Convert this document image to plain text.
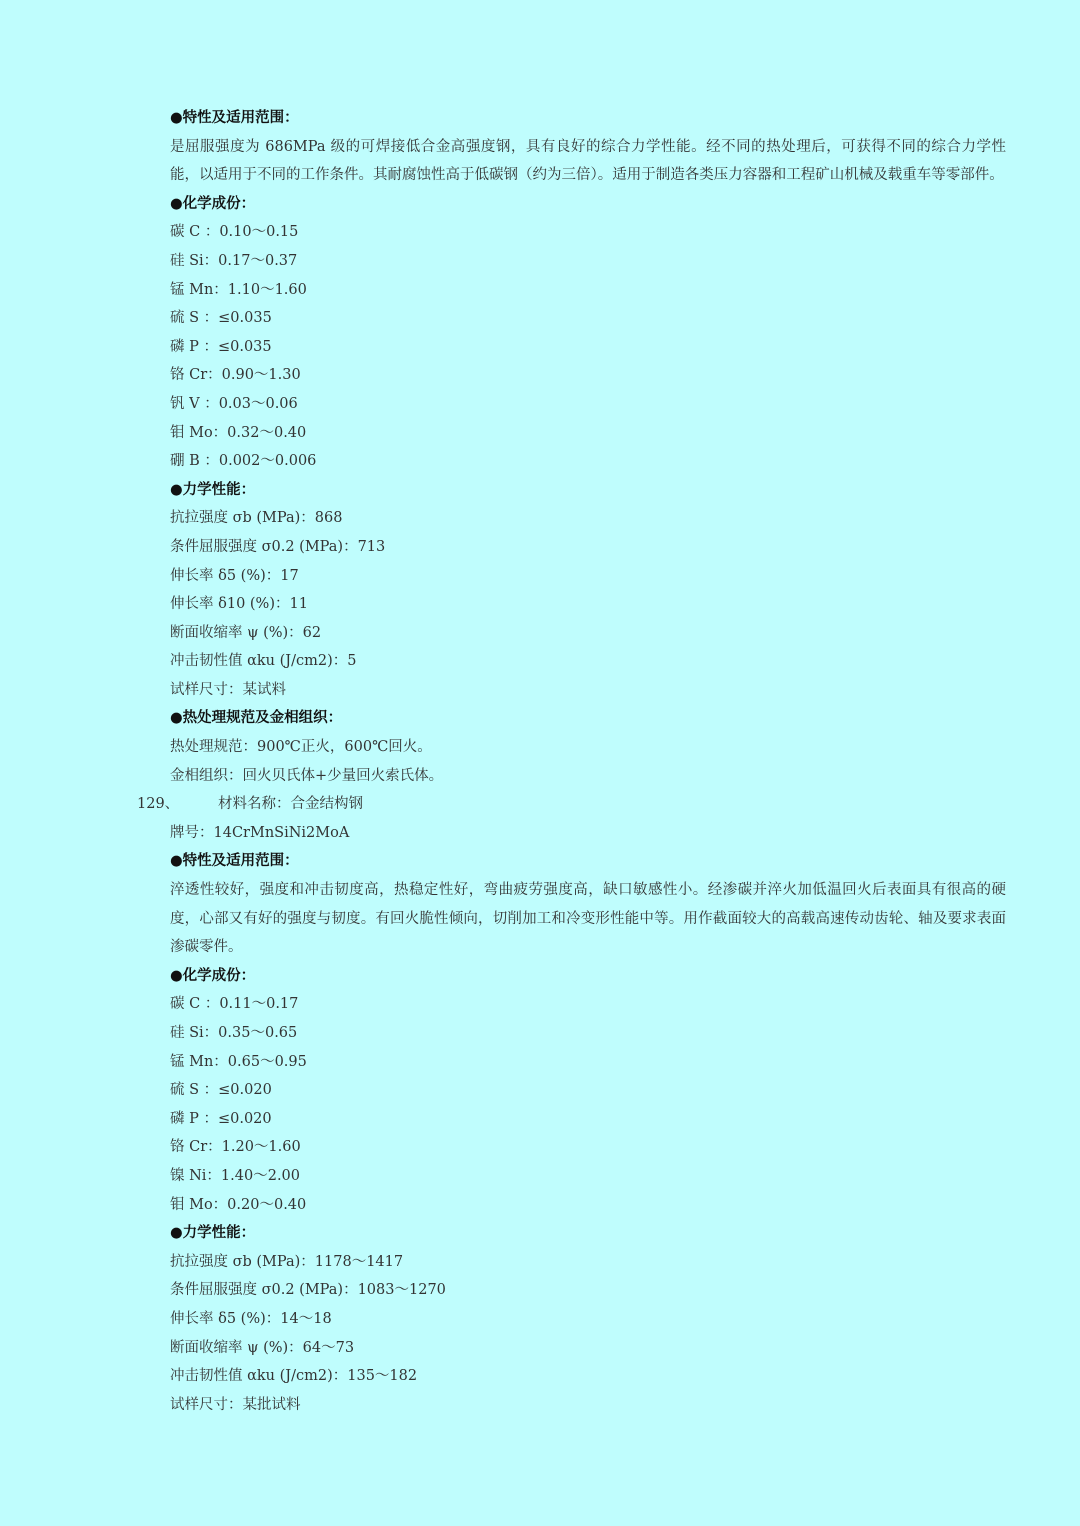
●特性及适用范围：
是屈服强度为 686MPa 级的可焊接低合金高强度钢，具有良好的综合力学性能。经不同的热处理后，可获得不同的综合力学性能，以适用于不同的工作条件。其耐腐蚀性高于低碳钢（约为三倍）。适用于制造各类压力容器和工程矿山机械及载重车等零部件。
●化学成份：
碳 C ：0.10～0.15
硅 Si：0.17～0.37
锰 Mn：1.10～1.60
硫 S ：≤0.035
磷 P ：≤0.035
铬 Cr：0.90～1.30
钒 V ：0.03～0.06
钼 Mo：0.32～0.40
硼 B ：0.002～0.006
●力学性能：
抗拉强度 σb (MPa)：868
条件屈服强度 σ0.2 (MPa)：713
伸长率 δ5 (%)：17
伸长率 δ10 (%)：11
断面收缩率 ψ (%)：62
冲击韧性值 αku (J/cm2)：5
试样尺寸：某试料
●热处理规范及金相组织：
热处理规范：900℃正火，600℃回火。
金相组织：回火贝氏体+少量回火索氏体。
129、	材料名称：合金结构钢
牌号：14CrMnSiNi2MoA
●特性及适用范围：
淬透性较好，强度和冲击韧度高，热稳定性好，弯曲疲劳强度高，缺口敏感性小。经渗碳并淬火加低温回火后表面具有很高的硬度，心部又有好的强度与韧度。有回火脆性倾向，切削加工和冷变形性能中等。用作截面较大的高载高速传动齿轮、轴及要求表面渗碳零件。
●化学成份：
碳 C ：0.11～0.17
硅 Si：0.35～0.65
锰 Mn：0.65～0.95
硫 S ：≤0.020
磷 P ：≤0.020
铬 Cr：1.20～1.60
镍 Ni：1.40～2.00
钼 Mo：0.20～0.40
●力学性能：
抗拉强度 σb (MPa)：1178～1417
条件屈服强度 σ0.2 (MPa)：1083～1270
伸长率 δ5 (%)：14～18
断面收缩率 ψ (%)：64～73
冲击韧性值 αku (J/cm2)：135～182
试样尺寸：某批试料
